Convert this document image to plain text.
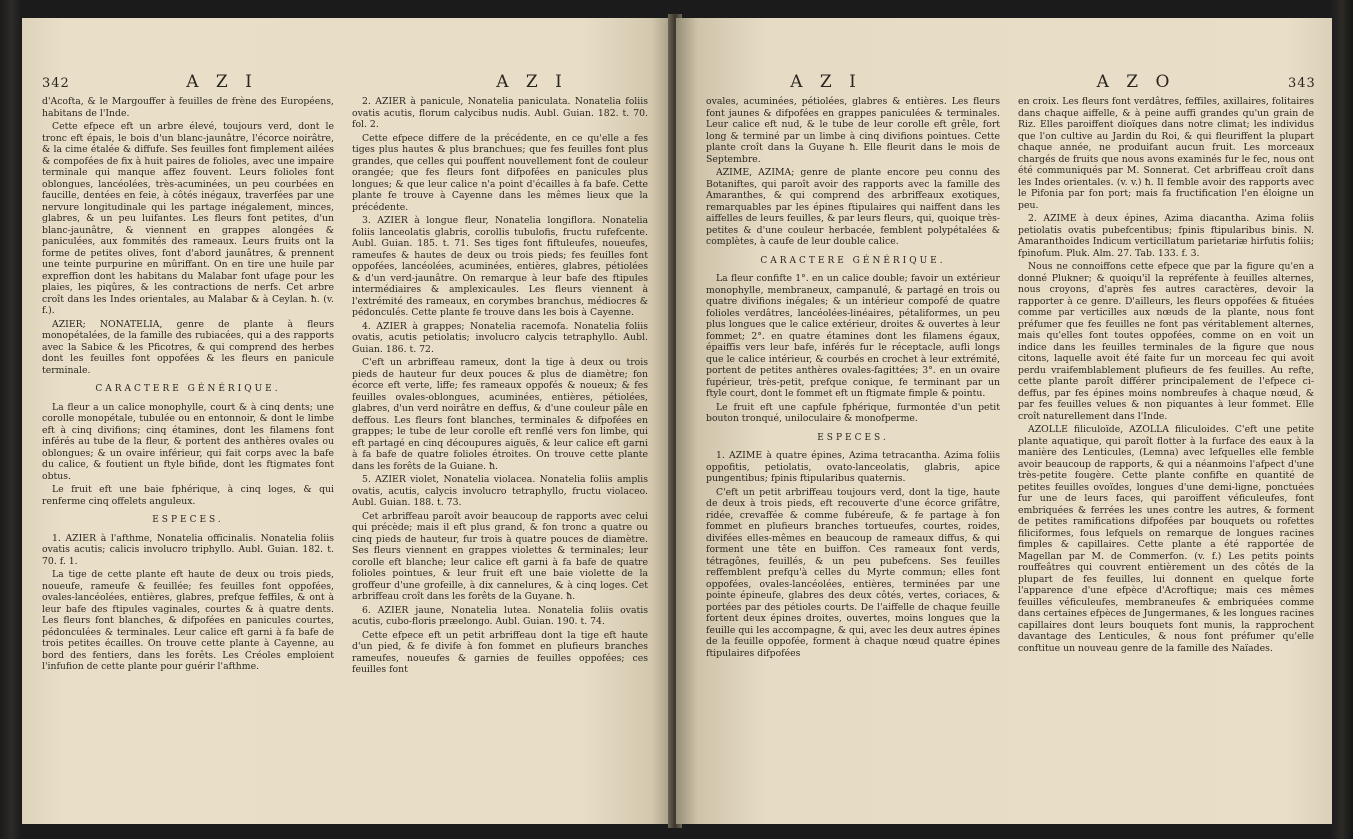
342	A Z I	A Z I

d'Acofta, & le Margouffer à feuilles de frène des Européens, habitans de l'Inde.

Cette efpece eft un arbre élevé, toujours verd, dont le tronc eft épais, le bois d'un blanc-jaunâtre, l'écorce noirâtre, & la cime étalée & diffufe. Ses feuilles font fimplement ailées & compofées de fix à huit paires de folioles, avec une impaire terminale qui manque affez fouvent. Leurs folioles font oblongues, lancéolées, très-acuminées, un peu courbées en faucille, dentées en feie, à côtés inégaux, traverfées par une nervure longitudinale qui les partage inégalement, minces, glabres, & un peu luifantes. Les fleurs font petites, d'un blanc-jaunâtre, & viennent en grappes alongées & paniculées, aux fommités des rameaux. Leurs fruits ont la forme de petites olives, font d'abord jaunâtres, & prennent une teinte purpurine en mûriffant. On en tire une huile par expreffion dont les habitans du Malabar font ufage pour les plaies, les piqûres, & les contractions de nerfs. Cet arbre croît dans les Indes orientales, au Malabar & à Ceylan. ħ. (v. f.).

AZIER; NONATELIA, genre de plante à fleurs monopétalées, de la famille des rubiacées, qui a des rapports avec la Sabice & les Pficotres, & qui comprend des herbes dont les feuilles font oppofées & les fleurs en panicule terminale.

CARACTERE GÉNÉRIQUE.

La fleur a un calice monophylle, court & à cinq dents; une corolle monopétale, tubulée ou en entonnoir, & dont le limbe eft à cinq divifions; cinq étamines, dont les filamens font inférés au tube de la fleur, & portent des anthères ovales ou oblongues; & un ovaire inférieur, qui fait corps avec la bafe du calice, & foutient un ftyle bifide, dont les ftigmates font obtus.

Le fruit eft une baie fphérique, à cinq loges, & qui renferme cinq offelets anguleux.

ESPECES.

1. AZIER à l'afthme, Nonatelia officinalis. Nonatelia foliis ovatis acutis; calicis involucro triphyllo. Aubl. Guian. 182. t. 70. f. 1.

La tige de cette plante eft haute de deux ou trois pieds, noueufe, rameufe & feuillée; fes feuilles font oppofées, ovales-lancéolées, entières, glabres, prefque feffiles, & ont à leur bafe des ftipules vaginales, courtes & à quatre dents. Les fleurs font blanches, & difpofées en panicules courtes, pédonculées & terminales. Leur calice eft garni à fa bafe de trois petites écailles. On trouve cette plante à Cayenne, au bord des fentiers, dans les forêts. Les Créoles emploient l'infufion de cette plante pour guérir l'afthme.

2. AZIER à panicule, Nonatelia paniculata. Nonatelia foliis ovatis acutis, florum calycibus nudis. Aubl. Guian. 182. t. 70. fol. 2.

Cette efpece differe de la précédente, en ce qu'elle a fes tiges plus hautes & plus branchues; que fes feuilles font plus grandes, que celles qui pouffent nouvellement font de couleur orangée; que fes fleurs font difpofées en panicules plus longues; & que leur calice n'a point d'écailles à fa bafe. Cette plante fe trouve à Cayenne dans les mêmes lieux que la précédente.

3. AZIER à longue fleur, Nonatelia longiflora. Nonatelia foliis lanceolatis glabris, corollis tubulofis, fructu rufefcente. Aubl. Guian. 185. t. 71. Ses tiges font fiftuleufes, noueufes, rameufes & hautes de deux ou trois pieds; fes feuilles font oppofées, lancéolées, acuminées, entières, glabres, pétiolées & d'un verd-jaunâtre. On remarque à leur bafe des ftipules intermédiaires & amplexicaules. Les fleurs viennent à l'extrémité des rameaux, en corymbes branchus, médiocres & pédonculés. Cette plante fe trouve dans les bois à Cayenne.

4. AZIER à grappes; Nonatelia racemofa. Nonatelia foliis ovatis, acutis petiolatis; involucro calycis tetraphyllo. Aubl. Guian. 186. t. 72.

C'eft un arbriffeau rameux, dont la tige à deux ou trois pieds de hauteur fur deux pouces & plus de diamètre; fon écorce eft verte, liffe; fes rameaux oppofés & noueux; & fes feuilles ovales-oblongues, acuminées, entières, pétiolées, glabres, d'un verd noirâtre en deffus, & d'une couleur pâle en deffous. Les fleurs font blanches, terminales & difpofées en grappes; le tube de leur corolle eft renflé vers fon limbe, qui eft partagé en cinq découpures aiguës, & leur calice eft garni à fa bafe de quatre folioles étroites. On trouve cette plante dans les forêts de la Guiane. ħ.

5. AZIER violet, Nonatelia violacea. Nonatelia foliis amplis ovatis, acutis, calycis involucro tetraphyllo, fructu violaceo. Aubl. Guian. 188. t. 73.

Cet arbriffeau paroît avoir beaucoup de rapports avec celui qui précède; mais il eft plus grand, & fon tronc a quatre ou cinq pieds de hauteur, fur trois à quatre pouces de diamètre. Ses fleurs viennent en grappes violettes & terminales; leur corolle eft blanche; leur calice eft garni à fa bafe de quatre folioles pointues, & leur fruit eft une baie violette de la groffeur d'une grofeille, à dix cannelures, & à cinq loges. Cet arbriffeau croît dans les forêts de la Guyane. ħ.

6. AZIER jaune, Nonatelia lutea. Nonatelia foliis ovatis acutis, cubo-floris præelongo. Aubl. Guian. 190. t. 74.

Cette efpece eft un petit arbriffeau dont la tige eft haute d'un pied, & fe divife à fon fommet en plufieurs branches rameufes, noueufes & garnies de feuilles oppofées; ces feuilles font

A Z I	A Z O	343

ovales, acuminées, pétiolées, glabres & entières. Les fleurs font jaunes & difpofées en grappes paniculées & terminales. Leur calice eft nud, & le tube de leur corolle eft grêle, fort long & terminé par un limbe à cinq divifions pointues. Cette plante croît dans la Guyane ħ. Elle fleurit dans le mois de Septembre.

AZIME, AZIMA; genre de plante encore peu connu des Botaniftes, qui paroît avoir des rapports avec la famille des Amaranthes, & qui comprend des arbriffeaux exotiques, remarquables par les épines ftipulaires qui naiffent dans les aiffelles de leurs feuilles, & par leurs fleurs, qui, quoique très-petites & d'une couleur herbacée, femblent polypétalées & complètes, à caufe de leur double calice.

CARACTERE GÉNÉRIQUE.

La fleur confifte 1°. en un calice double; favoir un extérieur monophylle, membraneux, campanulé, & partagé en trois ou quatre divifions inégales; & un intérieur compofé de quatre folioles verdâtres, lancéolées-linéaires, pétaliformes, un peu plus longues que le calice extérieur, droites & ouvertes à leur fommet; 2°. en quatre étamines dont les filamens égaux, épaiffis vers leur bafe, inférés fur le réceptacle, aufli longs que le calice intérieur, & courbés en crochet à leur extrémité, portent de petites anthères ovales-fagittées; 3°. en un ovaire fupérieur, très-petit, prefque conique, fe terminant par un ftyle court, dont le fommet eft un ftigmate fimple & pointu.

Le fruit eft une capfule fphérique, furmontée d'un petit bouton tronqué, uniloculaire & monofperme.

ESPECES.

1. AZIME à quatre épines, Azima tetracantha. Azima foliis oppofitis, petiolatis, ovato-lanceolatis, glabris, apice pungentibus; fpinis ftipularibus quaternis.

C'eft un petit arbriffeau toujours verd, dont la tige, haute de deux à trois pieds, eft recouverte d'une écorce grifâtre, ridée, crevaffée & comme fubéreufe, & fe partage à fon fommet en plufieurs branches tortueufes, courtes, roides, divifées elles-mêmes en beaucoup de rameaux diffus, & qui forment une tête en buiffon. Ces rameaux font verds, tétragônes, feuillés, & un peu pubefcens. Ses feuilles reffemblent prefqu'à celles du Myrte commun; elles font oppofées, ovales-lancéolées, entières, terminées par une pointe épineufe, glabres des deux côtés, vertes, coriaces, & portées par des pétioles courts. De l'aiffelle de chaque feuille fortent deux épines droites, ouvertes, moins longues que la feuille qui les accompagne, & qui, avec les deux autres épines de la feuille oppofée, forment à chaque nœud quatre épines ftipulaires difpofées

en croix. Les fleurs font verdâtres, feffiles, axillaires, folitaires dans chaque aiffelle, & à peine auffi grandes qu'un grain de Riz. Elles paroiffent dioïques dans notre climat; les individus que l'on cultive au Jardin du Roi, & qui fleuriffent la plupart chaque année, ne produifant aucun fruit. Les morceaux chargés de fruits que nous avons examinés fur le fec, nous ont été communiqués par M. Sonnerat. Cet arbriffeau croît dans les Indes orientales. (v. v.) ħ. Il femble avoir des rapports avec le Pifonia par fon port; mais fa fructification l'en éloigne un peu.

2. AZIME à deux épines, Azima diacantha. Azima foliis petiolatis ovatis pubefcentibus; fpinis ftipularibus binis. N. Amaranthoides Indicum verticillatum parietariæ hirfutis foliis; fpinofum. Pluk. Alm. 27. Tab. 133. f. 3.

Nous ne connoiffons cette efpece que par la figure qu'en a donné Plukner; & quoiqu'il la repréfente à feuilles alternes, nous croyons, d'après fes autres caractères, devoir la rapporter à ce genre. D'ailleurs, les fleurs oppofées & fituées comme par verticilles aux nœuds de la plante, nous font préfumer que fes feuilles ne font pas véritablement alternes, mais qu'elles font toutes oppofées, comme on en voit un indice dans les feuilles terminales de la figure que nous citons, laquelle avoit été faite fur un morceau fec qui avoit perdu vraifemblablement plufieurs de fes feuilles. Au refte, cette plante paroît différer principalement de l'efpece ci-deffus, par fes épines moins nombreufes à chaque nœud, & par fes feuilles velues & non piquantes à leur fommet. Elle croît naturellement dans l'Inde.

AZOLLE filiculoïde, AZOLLA filiculoides. C'eft une petite plante aquatique, qui paroît flotter à la furface des eaux à la manière des Lenticules, (Lemna) avec lefquelles elle femble avoir beaucoup de rapports, & qui a néanmoins l'afpect d'une très-petite fougère. Cette plante confifte en quantité de petites feuilles ovoïdes, longues d'une demi-ligne, ponctuées fur une de leurs faces, qui paroiffent véficuleufes, font embriquées & ferrées les unes contre les autres, & forment de petites ramifications difpofées par bouquets ou rofettes filiciformes, fous lefquels on remarque de longues racines fimples & capillaires. Cette plante a été rapportée de Magellan par M. de Commerfon. (v. f.) Les petits points rouffeâtres qui couvrent entièrement un des côtés de la plupart de fes feuilles, lui donnent en quelque forte l'apparence d'une efpèce d'Acroftique; mais ces mêmes feuilles véficuleufes, membraneufes & embriquées comme dans certaines efpèces de Jungermanes, & les longues racines capillaires dont leurs bouquets font munis, la rapprochent davantage des Lenticules, & nous font préfumer qu'elle conftitue un nouveau genre de la famille des Naïades.
